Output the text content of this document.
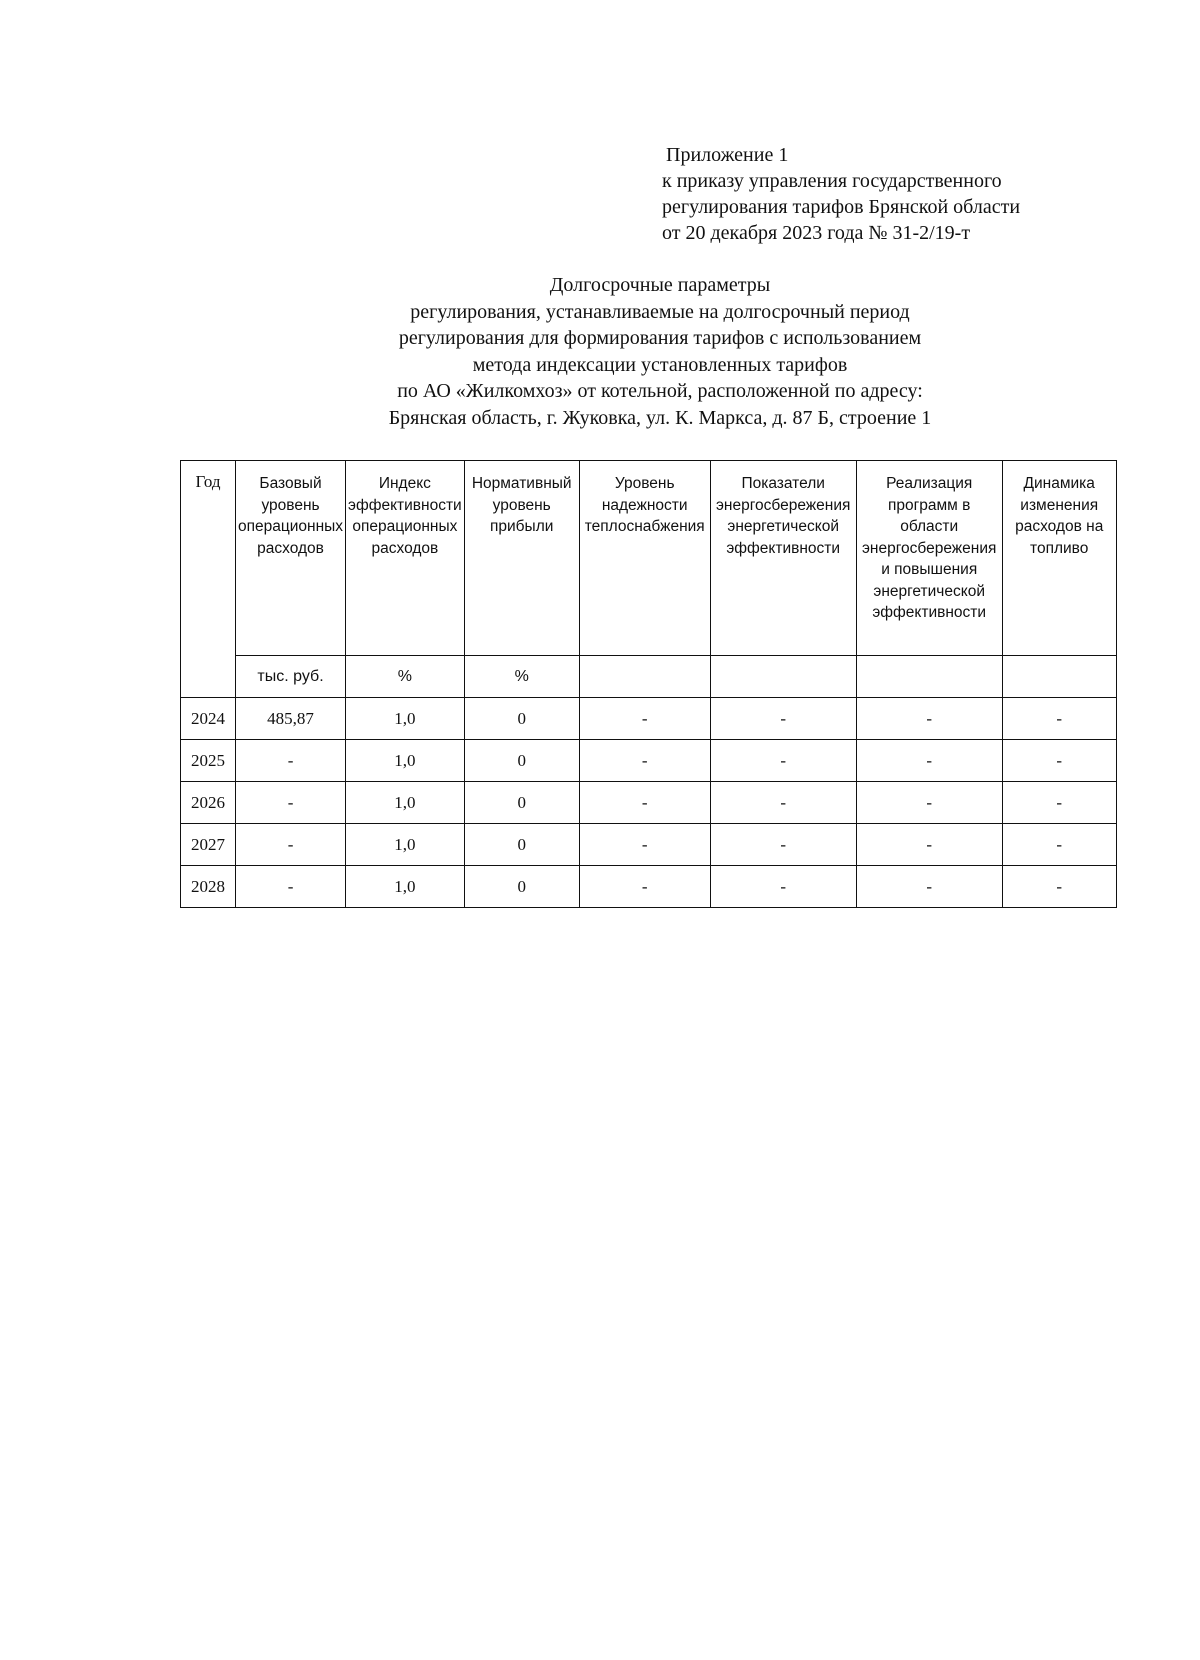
Приложение 1
к приказу управления государственного
регулирования тарифов Брянской области
от 20 декабря 2023 года № 31-2/19-т
Долгосрочные параметры
регулирования, устанавливаемые на долгосрочный период
регулирования для формирования тарифов с использованием
метода индексации установленных тарифов
по АО «Жилкомхоз» от котельной, расположенной по адресу:
Брянская область, г. Жуковка, ул. К. Маркса, д. 87 Б, строение 1
Год	Базовый уровень операционных расходов	Индекс эффективности операционных расходов	Нормативный уровень прибыли	Уровень надежности теплоснабжения	Показатели энергосбережения энергетической эффективности	Реализация программ в области энергосбережения и повышения энергетической эффективности	Динамика изменения расходов на топливо
	тыс. руб.	%	%				
2024	485,87	1,0	0	-	-	-	-
2025	-	1,0	0	-	-	-	-
2026	-	1,0	0	-	-	-	-
2027	-	1,0	0	-	-	-	-
2028	-	1,0	0	-	-	-	-
